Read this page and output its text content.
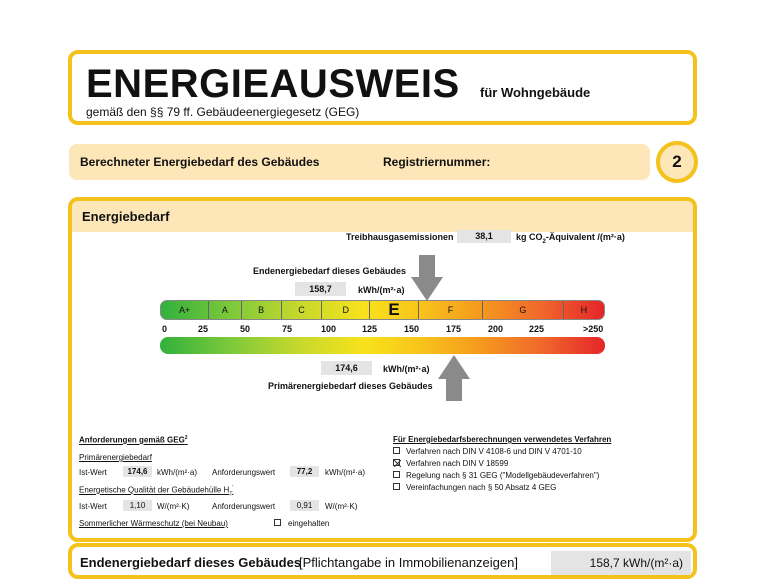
ENERGIEAUSWEIS für Wohngebäude
gemäß den §§ 79 ff. Gebäudeenergiegesetz (GEG)
Berechneter Energiebedarf des Gebäudes	Registriernummer:	2
Energiebedarf
Treibhausgasemissionen	38,1	kg $CO_2$-Äquivalent /(m²·a)
Endenergiebedarf dieses Gebäudes
158,7	kWh/(m²·a)
A+	A	B	C	D	E	F	G	H
0	25	50	75	100	125	150	175	200	225	>250
174,6	kWh/(m²·a)
Primärenergiebedarf dieses Gebäudes
Anforderungen gemäß GEG$^2$
Primärenergiebedarf
Ist-Wert	174,6	kWh/(m²·a) Anforderungswert	77,2	kWh/(m²·a)
Energetische Qualität der Gebäudehülle $H_T'$
Ist-Wert	1,10	W/(m²·K)	Anforderungswert	0,91	W/(m²·K)
Sommerlicher Wärmeschutz (bei Neubau)	eingehalten
Für Energiebedarfsberechnungen verwendetes Verfahren
Verfahren nach DIN V 4108-6 und DIN V 4701-10
Verfahren nach DIN V 18599
Regelung nach § 31 GEG ("Modellgebäudeverfahren")
Vereinfachungen nach § 50 Absatz 4 GEG
Endenergiebedarf dieses Gebäudes
[Pflichtangabe in Immobilienanzeigen]	158,7 kWh/(m²·a)
